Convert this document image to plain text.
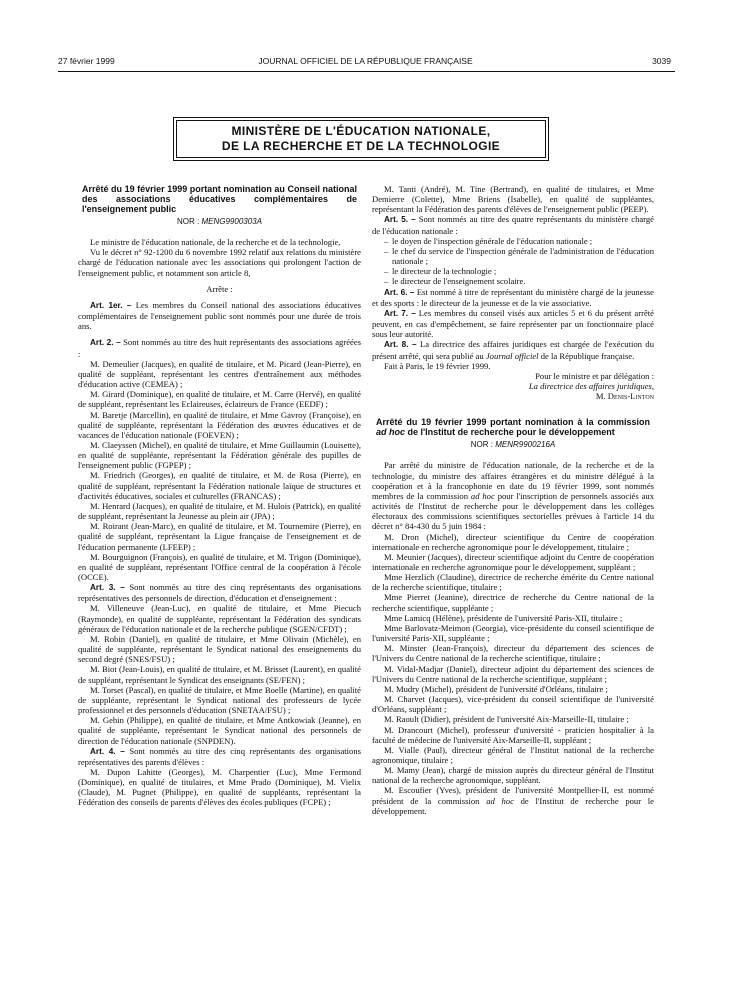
27 février 1999	JOURNAL OFFICIEL DE LA RÉPUBLIQUE FRANÇAISE	3039
MINISTÈRE DE L'ÉDUCATION NATIONALE,
DE LA RECHERCHE ET DE LA TECHNOLOGIE

Arrêté du 19 février 1999 portant nomination au Conseil national des associations éducatives complémentaires de l'enseignement public

NOR : MENG9900303A

Le ministre de l'éducation nationale, de la recherche et de la technologie,

Vu le décret n° 92-1200 du 6 novembre 1992 relatif aux relations du ministère chargé de l'éducation nationale avec les associations qui prolongent l'action de l'enseignement public, et notamment son article 8,

Arrête :

Art. 1er. – Les membres du Conseil national des associations éducatives complémentaires de l'enseignement public sont nommés pour une durée de trois ans.

Art. 2. – Sont nommés au titre des huit représentants des associations agréées :

M. Demeulier (Jacques), en qualité de titulaire, et M. Picard (Jean-Pierre), en qualité de suppléant, représentant les centres d'entraînement aux méthodes d'éducation active (CEMEA) ;

M. Girard (Dominique), en qualité de titulaire, et M. Carre (Hervé), en qualité de suppléant, représentant les Eclaireuses, éclaireurs de France (EEDF) ;

M. Baretje (Marcellin), en qualité de titulaire, et Mme Gavroy (Françoise), en qualité de suppléante, représentant la Fédération des œuvres éducatives et de vacances de l'éducation nationale (FOEVEN) ;

M. Claeyssen (Michel), en qualité de titulaire, et Mme Guillaumin (Louisette), en qualité de suppléante, représentant la Fédération générale des pupilles de l'enseignement public (FGPEP) ;

M. Friedrich (Georges), en qualité de titulaire, et M. de Rosa (Pierre), en qualité de suppléant, représentant la Fédération nationale laïque de structures et d'activités éducatives, sociales et culturelles (FRANCAS) ;

M. Henrard (Jacques), en qualité de titulaire, et M. Hulois (Patrick), en qualité de suppléant, représentant la Jeunesse au plein air (JPA) ;

M. Roirant (Jean-Marc), en qualité de titulaire, et M. Tournemire (Pierre), en qualité de suppléant, représentant la Ligue française de l'enseignement et de l'éducation permanente (LFEEP) ;

M. Bourguignon (François), en qualité de titulaire, et M. Trigon (Dominique), en qualité de suppléant, représentant l'Office central de la coopération à l'école (OCCE).

Art. 3. – Sont nommés au titre des cinq représentants des organisations représentatives des personnels de direction, d'éducation et d'enseignement :

M. Villeneuve (Jean-Luc), en qualité de titulaire, et Mme Piecuch (Raymonde), en qualité de suppléante, représentant la Fédération des syndicats généraux de l'éducation nationale et de la recherche publique (SGEN/CFDT) ;

M. Robin (Daniel), en qualité de titulaire, et Mme Olivain (Michèle), en qualité de suppléante, représentant le Syndicat national des enseignements du second degré (SNES/FSU) ;

M. Biot (Jean-Louis), en qualité de titulaire, et M. Brisset (Laurent), en qualité de suppléant, représentant le Syndicat des enseignants (SE/FEN) ;

M. Torset (Pascal), en qualité de titulaire, et Mme Boelle (Martine), en qualité de suppléante, représentant le Syndicat national des professeurs de lycée professionnel et des personnels d'éducation (SNETAA/FSU) ;

M. Gehin (Philippe), en qualité de titulaire, et Mme Antkowiak (Jeanne), en qualité de suppléante, représentant le Syndicat national des personnels de direction de l'éducation nationale (SNPDEN).

Art. 4. – Sont nommés au titre des cinq représentants des organisations représentatives des parents d'élèves :

M. Dupon Lahitte (Georges), M. Charpentier (Luc), Mme Fermond (Dominique), en qualité de titulaires, et Mme Prado (Dominique), M. Vielix (Claude), M. Pugnet (Philippe), en qualité de suppléants, représentant la Fédération des conseils de parents d'élèves des écoles publiques (FCPE) ;

M. Tanti (André), M. Tine (Bertrand), en qualité de titulaires, et Mme Demierre (Colette), Mme Briens (Isabelle), en qualité de suppléantes, représentant la Fédération des parents d'élèves de l'enseignement public (PEEP).

Art. 5. – Sont nommés au titre des quatre représentants du ministère chargé de l'éducation nationale :

– le doyen de l'inspection générale de l'éducation nationale ;

– le chef du service de l'inspection générale de l'administration de l'éducation nationale ;

– le directeur de la technologie ;

– le directeur de l'enseignement scolaire.

Art. 6. – Est nommé à titre de représentant du ministère chargé de la jeunesse et des sports : le directeur de la jeunesse et de la vie associative.

Art. 7. – Les membres du conseil visés aux articles 5 et 6 du présent arrêté peuvent, en cas d'empêchement, se faire représenter par un fonctionnaire placé sous leur autorité.

Art. 8. – La directrice des affaires juridiques est chargée de l'exécution du présent arrêté, qui sera publié au Journal officiel de la République française.

Fait à Paris, le 19 février 1999.

Pour le ministre et par délégation :

La directrice des affaires juridiques,

M. Denis-Linton

Arrêté du 19 février 1999 portant nomination à la commission ad hoc de l'Institut de recherche pour le développement

NOR : MENR9900216A

Par arrêté du ministre de l'éducation nationale, de la recherche et de la technologie, du ministre des affaires étrangères et du ministre délégué à la coopération et à la francophonie en date du 19 février 1999, sont nommés membres de la commission ad hoc pour l'inscription de personnels associés aux activités de l'Institut de recherche pour le développement dans les collèges électoraux des commissions scientifiques sectorielles prévues à l'article 14 du décret n° 84-430 du 5 juin 1984 :

M. Dron (Michel), directeur scientifique du Centre de coopération internationale en recherche agronomique pour le développement, titulaire ;

M. Meunier (Jacques), directeur scientifique adjoint du Centre de coopération internationale en recherche agronomique pour le développement, suppléant ;

Mme Herzlich (Claudine), directrice de recherche émérite du Centre national de la recherche scientifique, titulaire ;

Mme Pierret (Jeanine), directrice de recherche du Centre national de la recherche scientifique, suppléante ;

Mme Lamicq (Hélène), présidente de l'université Paris-XII, titulaire ;

Mme Barlovatz-Meimon (Georgia), vice-présidente du conseil scientifique de l'université Paris-XII, suppléante ;

M. Minster (Jean-François), directeur du département des sciences de l'Univers du Centre national de la recherche scientifique, titulaire ;

M. Vidal-Madjar (Daniel), directeur adjoint du département des sciences de l'Univers du Centre national de la recherche scientifique, suppléant ;

M. Mudry (Michel), président de l'université d'Orléans, titulaire ;

M. Charvet (Jacques), vice-président du conseil scientifique de l'université d'Orléans, suppléant ;

M. Raoult (Didier), président de l'université Aix-Marseille-II, titulaire ;

M. Drancourt (Michel), professeur d'université - praticien hospitalier à la faculté de médecine de l'université Aix-Marseille-II, suppléant ;

M. Vialle (Paul), directeur général de l'Institut national de la recherche agronomique, titulaire ;

M. Mamy (Jean), chargé de mission auprès du directeur général de l'Institut national de la recherche agronomique, suppléant.

M. Escoufier (Yves), président de l'université Montpellier-II, est nommé président de la commission ad hoc de l'Institut de recherche pour le développement.
